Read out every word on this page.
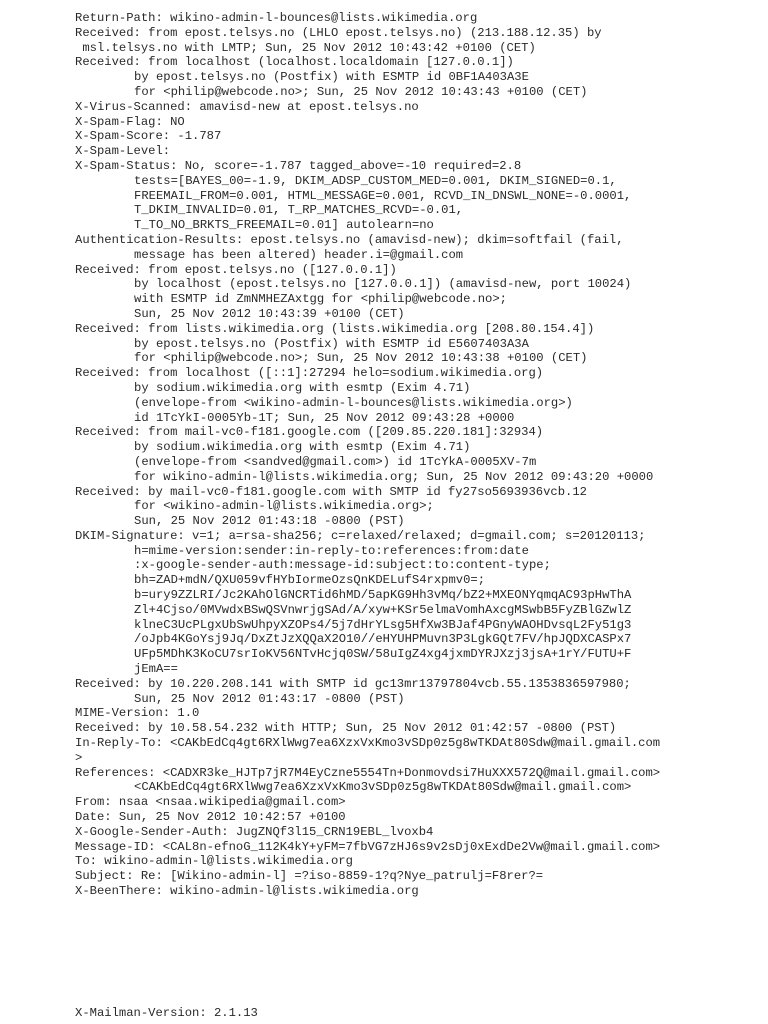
Return-Path: wikino-admin-l-bounces@lists.wikimedia.org
Received: from epost.telsys.no (LHLO epost.telsys.no) (213.188.12.35) by
msl.telsys.no with LMTP; Sun, 25 Nov 2012 10:43:42 +0100 (CET)
Received: from localhost (localhost.localdomain [127.0.0.1])
by epost.telsys.no (Postfix) with ESMTP id 0BF1A403A3E
for <philip@webcode.no>; Sun, 25 Nov 2012 10:43:43 +0100 (CET)
X-Virus-Scanned: amavisd-new at epost.telsys.no
X-Spam-Flag: NO
X-Spam-Score: -1.787
X-Spam-Level:
X-Spam-Status: No, score=-1.787 tagged_above=-10 required=2.8
tests=[BAYES_00=-1.9, DKIM_ADSP_CUSTOM_MED=0.001, DKIM_SIGNED=0.1,
FREEMAIL_FROM=0.001, HTML_MESSAGE=0.001, RCVD_IN_DNSWL_NONE=-0.0001,
T_DKIM_INVALID=0.01, T_RP_MATCHES_RCVD=-0.01,
T_TO_NO_BRKTS_FREEMAIL=0.01] autolearn=no
Authentication-Results: epost.telsys.no (amavisd-new); dkim=softfail (fail,
message has been altered) header.i=@gmail.com
Received: from epost.telsys.no ([127.0.0.1])
by localhost (epost.telsys.no [127.0.0.1]) (amavisd-new, port 10024)
with ESMTP id ZmNMHEZAxtgg for <philip@webcode.no>;
Sun, 25 Nov 2012 10:43:39 +0100 (CET)
Received: from lists.wikimedia.org (lists.wikimedia.org [208.80.154.4])
by epost.telsys.no (Postfix) with ESMTP id E5607403A3A
for <philip@webcode.no>; Sun, 25 Nov 2012 10:43:38 +0100 (CET)
Received: from localhost ([::1]:27294 helo=sodium.wikimedia.org)
by sodium.wikimedia.org with esmtp (Exim 4.71)
(envelope-from <wikino-admin-l-bounces@lists.wikimedia.org>)
id 1TcYkI-0005Yb-1T; Sun, 25 Nov 2012 09:43:28 +0000
Received: from mail-vc0-f181.google.com ([209.85.220.181]:32934)
by sodium.wikimedia.org with esmtp (Exim 4.71)
(envelope-from <sandved@gmail.com>) id 1TcYkA-0005XV-7m
for wikino-admin-l@lists.wikimedia.org; Sun, 25 Nov 2012 09:43:20 +0000
Received: by mail-vc0-f181.google.com with SMTP id fy27so5693936vcb.12
for <wikino-admin-l@lists.wikimedia.org>;
Sun, 25 Nov 2012 01:43:18 -0800 (PST)
DKIM-Signature: v=1; a=rsa-sha256; c=relaxed/relaxed; d=gmail.com; s=20120113;
h=mime-version:sender:in-reply-to:references:from:date
:x-google-sender-auth:message-id:subject:to:content-type;
bh=ZAD+mdN/QXU059vfHYbIormeOzsQnKDELufS4rxpmv0=;
b=ury9ZZLRI/Jc2KAhOlGNCRTid6hMD/5apKG9Hh3vMq/bZ2+MXEONYqmqAC93pHwThA
Zl+4Cjso/0MVwdxBSwQSVnwrjgSAd/A/xyw+KSr5elmaVomhAxcgMSwbB5FyZBlGZwlZ
klneC3UcPLgxUbSwUhpyXZOPs4/5j7dHrYLsg5HfXw3BJaf4PGnyWAOHDvsqL2Fy51g3
/oJpb4KGoYsj9Jq/DxZtJzXQQaX2O10//eHYUHPMuvn3P3LgkGQt7FV/hpJQDXCASPx7
UFp5MDhK3KoCU7srIoKV56NTvHcjq0SW/58uIgZ4xg4jxmDYRJXzj3jsA+1rY/FUTU+F
jEmA==
Received: by 10.220.208.141 with SMTP id gc13mr13797804vcb.55.1353836597980;
Sun, 25 Nov 2012 01:43:17 -0800 (PST)
MIME-Version: 1.0
Received: by 10.58.54.232 with HTTP; Sun, 25 Nov 2012 01:42:57 -0800 (PST)
In-Reply-To: <CAKbEdCq4gt6RXlWwg7ea6XzxVxKmo3vSDp0z5g8wTKDAt80Sdw@mail.gmail.com
>
References: <CADXR3ke_HJTp7jR7M4EyCzne5554Tn+Donmovdsi7HuXXX572Q@mail.gmail.com>
<CAKbEdCq4gt6RXlWwg7ea6XzxVxKmo3vSDp0z5g8wTKDAt80Sdw@mail.gmail.com>
From: nsaa <nsaa.wikipedia@gmail.com>
Date: Sun, 25 Nov 2012 10:42:57 +0100
X-Google-Sender-Auth: JugZNQf3l15_CRN19EBL_lvoxb4
Message-ID: <CAL8n-efnoG_112K4kY+yFM=7fbVG7zHJ6s9v2sDj0xExdDe2Vw@mail.gmail.com>
To: wikino-admin-l@lists.wikimedia.org
Subject: Re: [Wikino-admin-l] =?iso-8859-1?q?Nye_patrulj=F8rer?=
X-BeenThere: wikino-admin-l@lists.wikimedia.org
X-Mailman-Version: 2.1.13
